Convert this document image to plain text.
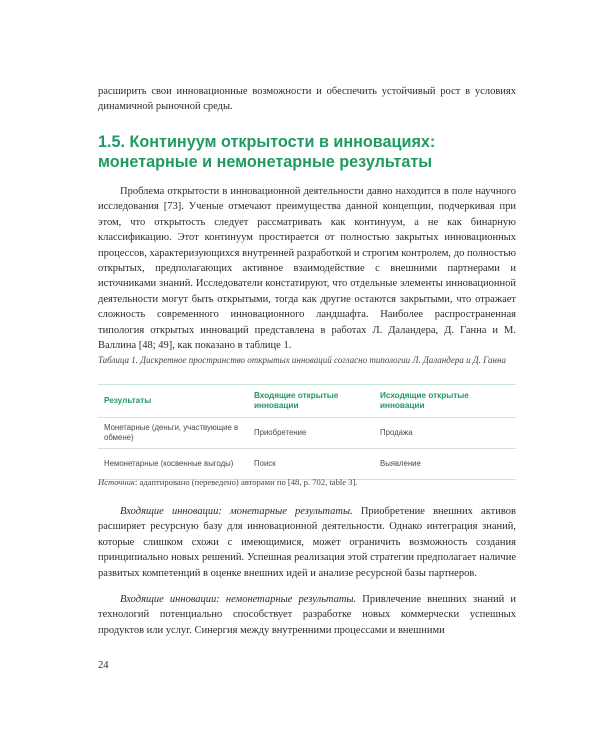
расширить свои инновационные возможности и обеспечить устойчивый рост в условиях динамичной рыночной среды.

1.5. Континуум открытости в инновациях:

монетарные и немонетарные результаты

Проблема открытости в инновационной деятельности давно находится в поле научного исследования [73]. Ученые отмечают преимущества данной концепции, подчеркивая при этом, что открытость следует рассматривать как континуум, а не как бинарную классификацию. Этот континуум простирается от полностью закрытых инновационных процессов, характеризующихся внутренней разработкой и строгим контролем, до полностью открытых, предполагающих активное взаимодействие с внешними партнерами и источниками знаний. Исследователи констатируют, что отдельные элементы инновационной деятельности могут быть открытыми, тогда как другие остаются закрытыми, что отражает сложность современного инновационного ландшафта. Наиболее распространенная типология открытых инноваций представлена в работах Л. Даландера, Д. Ганна и М. Валлина [48; 49], как показано в таблице 1.

Таблица 1. Дискретное пространство открытых инноваций согласно типологии Л. Даландера и Д. Ганна

Результаты	Входящие открытые инновации	Исходящие открытые инновации
Монетарные (деньги, участвующие в обмене)	Приобретение	Продажа
Немонетарные (косвенные выгоды)	Поиск	Выявление

Источник: адаптировано (переведено) авторами по [48, p. 702, table 3].

Входящие инновации: монетарные результаты. Приобретение внешних активов расширяет ресурсную базу для инновационной деятельности. Однако интеграция знаний, которые слишком схожи с имеющимися, может ограничить возможность создания принципиально новых решений. Успешная реализация этой стратегии предполагает наличие развитых компетенций в оценке внешних идей и анализе ресурсной базы партнеров.

Входящие инновации: немонетарные результаты. Привлечение внешних знаний и технологий потенциально способствует разработке новых коммерчески успешных продуктов или услуг. Синергия между внутренними процессами и внешними

24
